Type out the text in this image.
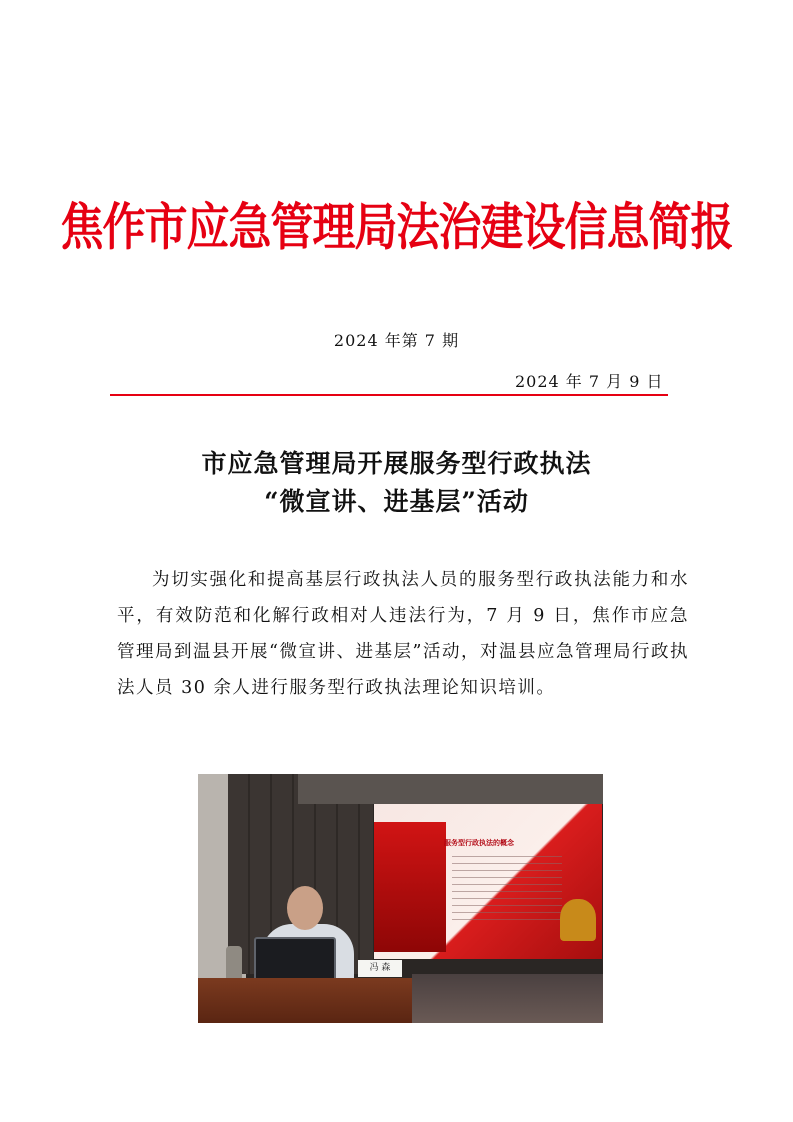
焦作市应急管理局法治建设信息简报
2024 年第 7 期
2024 年 7 月 9 日
市应急管理局开展服务型行政执法
“微宣讲、进基层”活动

为切实强化和提高基层行政执法人员的服务型行政执法能力和水平，有效防范和化解行政相对人违法行为，7 月 9 日，焦作市应急管理局到温县开展“微宣讲、进基层”活动，对温县应急管理局行政执法人员 30 余人进行服务型行政执法理论知识培训。

服务型行政执法的概念
冯 森
